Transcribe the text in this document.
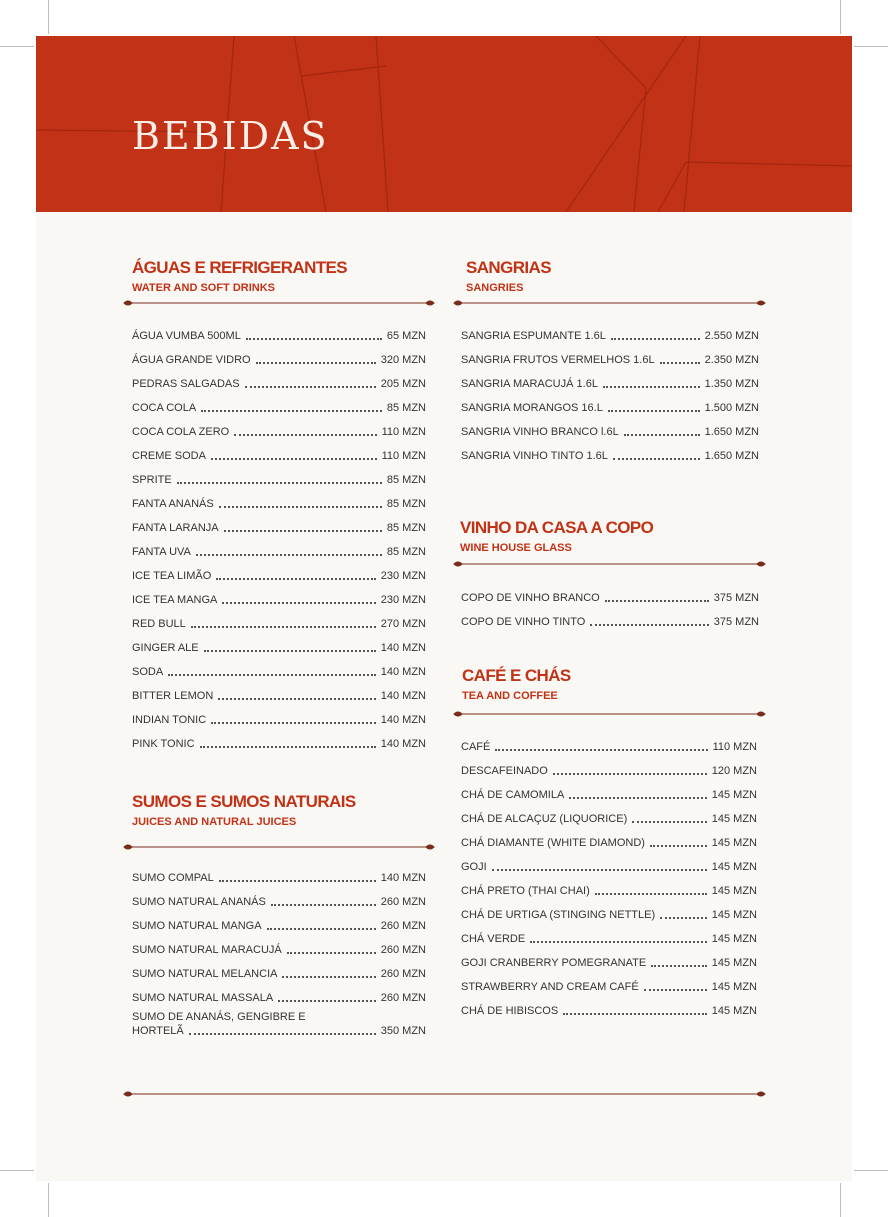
BEBIDAS
ÁGUAS E REFRIGERANTES
WATER AND SOFT DRINKS
ÁGUA VUMBA 500ML	65 MZN
ÁGUA GRANDE VIDRO	320 MZN
PEDRAS SALGADAS	205 MZN
COCA COLA	85 MZN
COCA COLA ZERO	110 MZN
CREME SODA	110 MZN
SPRITE	85 MZN
FANTA ANANÁS	85 MZN
FANTA LARANJA	85 MZN
FANTA UVA	85 MZN
ICE TEA LIMÃO	230 MZN
ICE TEA MANGA	230 MZN
RED BULL	270 MZN
GINGER ALE	140 MZN
SODA	140 MZN
BITTER LEMON	140 MZN
INDIAN TONIC	140 MZN
PINK TONIC	140 MZN
SUMOS E SUMOS NATURAIS
JUICES AND NATURAL JUICES
SUMO COMPAL	140 MZN
SUMO NATURAL ANANÁS	260 MZN
SUMO NATURAL MANGA	260 MZN
SUMO NATURAL MARACUJÁ	260 MZN
SUMO NATURAL MELANCIA	260 MZN
SUMO NATURAL MASSALA	260 MZN
SUMO DE ANANÁS, GENGIBRE E
HORTELÃ	350 MZN
SANGRIAS
SANGRIES
SANGRIA ESPUMANTE 1.6L	2.550 MZN
SANGRIA FRUTOS VERMELHOS 1.6L	2.350 MZN
SANGRIA MARACUJÁ 1.6L	1.350 MZN
SANGRIA MORANGOS 16.L	1.500 MZN
SANGRIA VINHO BRANCO l.6L	1.650 MZN
SANGRIA VINHO TINTO 1.6L	1.650 MZN
VINHO DA CASA A COPO
WINE HOUSE GLASS
COPO DE VINHO BRANCO	375 MZN
COPO DE VINHO TINTO	375 MZN
CAFÉ E CHÁS
TEA AND COFFEE
CAFÉ	110 MZN
DESCAFEINADO	120 MZN
CHÁ DE CAMOMILA	145 MZN
CHÁ DE ALCAÇUZ (LIQUORICE)	145 MZN
CHÁ DIAMANTE (WHITE DIAMOND)	145 MZN
GOJI	145 MZN
CHÁ PRETO (THAI CHAI)	145 MZN
CHÁ DE URTIGA (STINGING NETTLE)	145 MZN
CHÁ VERDE	145 MZN
GOJI CRANBERRY POMEGRANATE	145 MZN
STRAWBERRY AND CREAM CAFÉ	145 MZN
CHÁ DE HIBISCOS	145 MZN
